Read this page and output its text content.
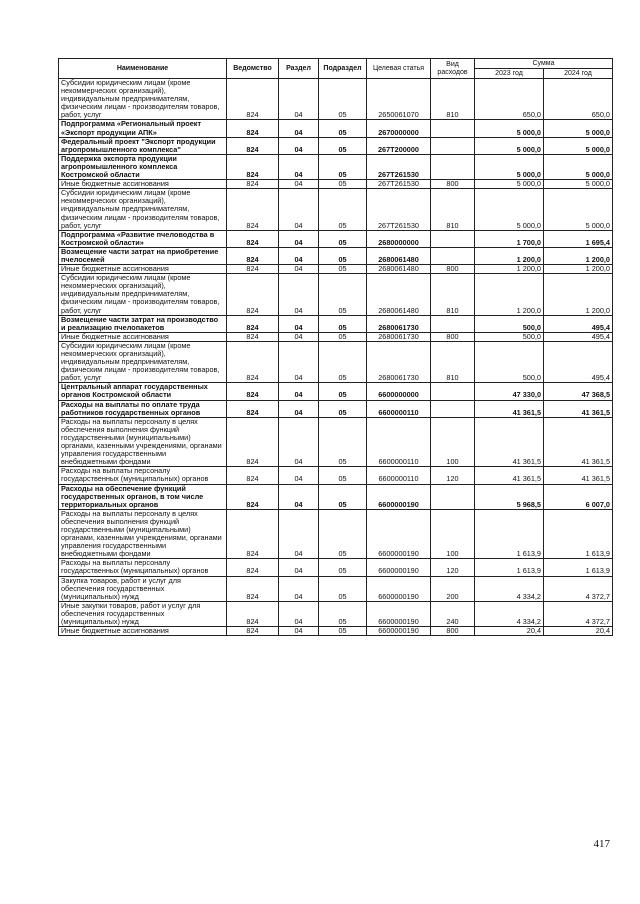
Наименование	Ведомство	Раздел	Подраздел	Целевая статья	Вид расходов	Сумма	
						2023 год	2024 год
Субсидии юридическим лицам (кроме некоммерческих организаций), индивидуальным предпринимателям, физическим лицам - производителям товаров, работ, услуг	824	04	05	2650061070	810	650,0	650,0
Подпрограмма «Региональный проект «Экспорт продукции АПК»	824	04	05	2670000000		5 000,0	5 000,0
Федеральный проект "Экспорт продукции агропромышленного комплекса"	824	04	05	267T200000		5 000,0	5 000,0
Поддержка экспорта продукции агропромышленного комплекса Костромской области	824	04	05	267T261530		5 000,0	5 000,0
Иные бюджетные ассигнования	824	04	05	267T261530	800	5 000,0	5 000,0
Субсидии юридическим лицам (кроме некоммерческих организаций), индивидуальным предпринимателям, физическим лицам - производителям товаров, работ, услуг	824	04	05	267T261530	810	5 000,0	5 000,0
Подпрограмма «Развитие пчеловодства в Костромской области»	824	04	05	2680000000		1 700,0	1 695,4
Возмещение части затрат на приобретение пчелосемей	824	04	05	2680061480		1 200,0	1 200,0
Иные бюджетные ассигнования	824	04	05	2680061480	800	1 200,0	1 200,0
Субсидии юридическим лицам (кроме некоммерческих организаций), индивидуальным предпринимателям, физическим лицам - производителям товаров, работ, услуг	824	04	05	2680061480	810	1 200,0	1 200,0
Возмещение части затрат на производство и реализацию пчелопакетов	824	04	05	2680061730		500,0	495,4
Иные бюджетные ассигнования	824	04	05	2680061730	800	500,0	495,4
Субсидии юридическим лицам (кроме некоммерческих организаций), индивидуальным предпринимателям, физическим лицам - производителям товаров, работ, услуг	824	04	05	2680061730	810	500,0	495,4
Центральный аппарат государственных органов Костромской области	824	04	05	6600000000		47 330,0	47 368,5
Расходы на выплаты по оплате труда работников государственных органов	824	04	05	6600000110		41 361,5	41 361,5
Расходы на выплаты персоналу в целях обеспечения выполнения функций государственными (муниципальными) органами, казенными учреждениями, органами управления государственными внебюджетными фондами	824	04	05	6600000110	100	41 361,5	41 361,5
Расходы на выплаты персоналу государственных (муниципальных) органов	824	04	05	6600000110	120	41 361,5	41 361,5
Расходы на обеспечение функций государственных органов, в том числе территориальных органов	824	04	05	6600000190		5 968,5	6 007,0
Расходы на выплаты персоналу в целях обеспечения выполнения функций государственными (муниципальными) органами, казенными учреждениями, органами управления государственными внебюджетными фондами	824	04	05	6600000190	100	1 613,9	1 613,9
Расходы на выплаты персоналу государственных (муниципальных) органов	824	04	05	6600000190	120	1 613,9	1 613,9
Закупка товаров, работ и услуг для обеспечения государственных (муниципальных) нужд	824	04	05	6600000190	200	4 334,2	4 372,7
Иные закупки товаров, работ и услуг для обеспечения государственных (муниципальных) нужд	824	04	05	6600000190	240	4 334,2	4 372,7
Иные бюджетные ассигнования	824	04	05	6600000190	800	20,4	20,4
417
